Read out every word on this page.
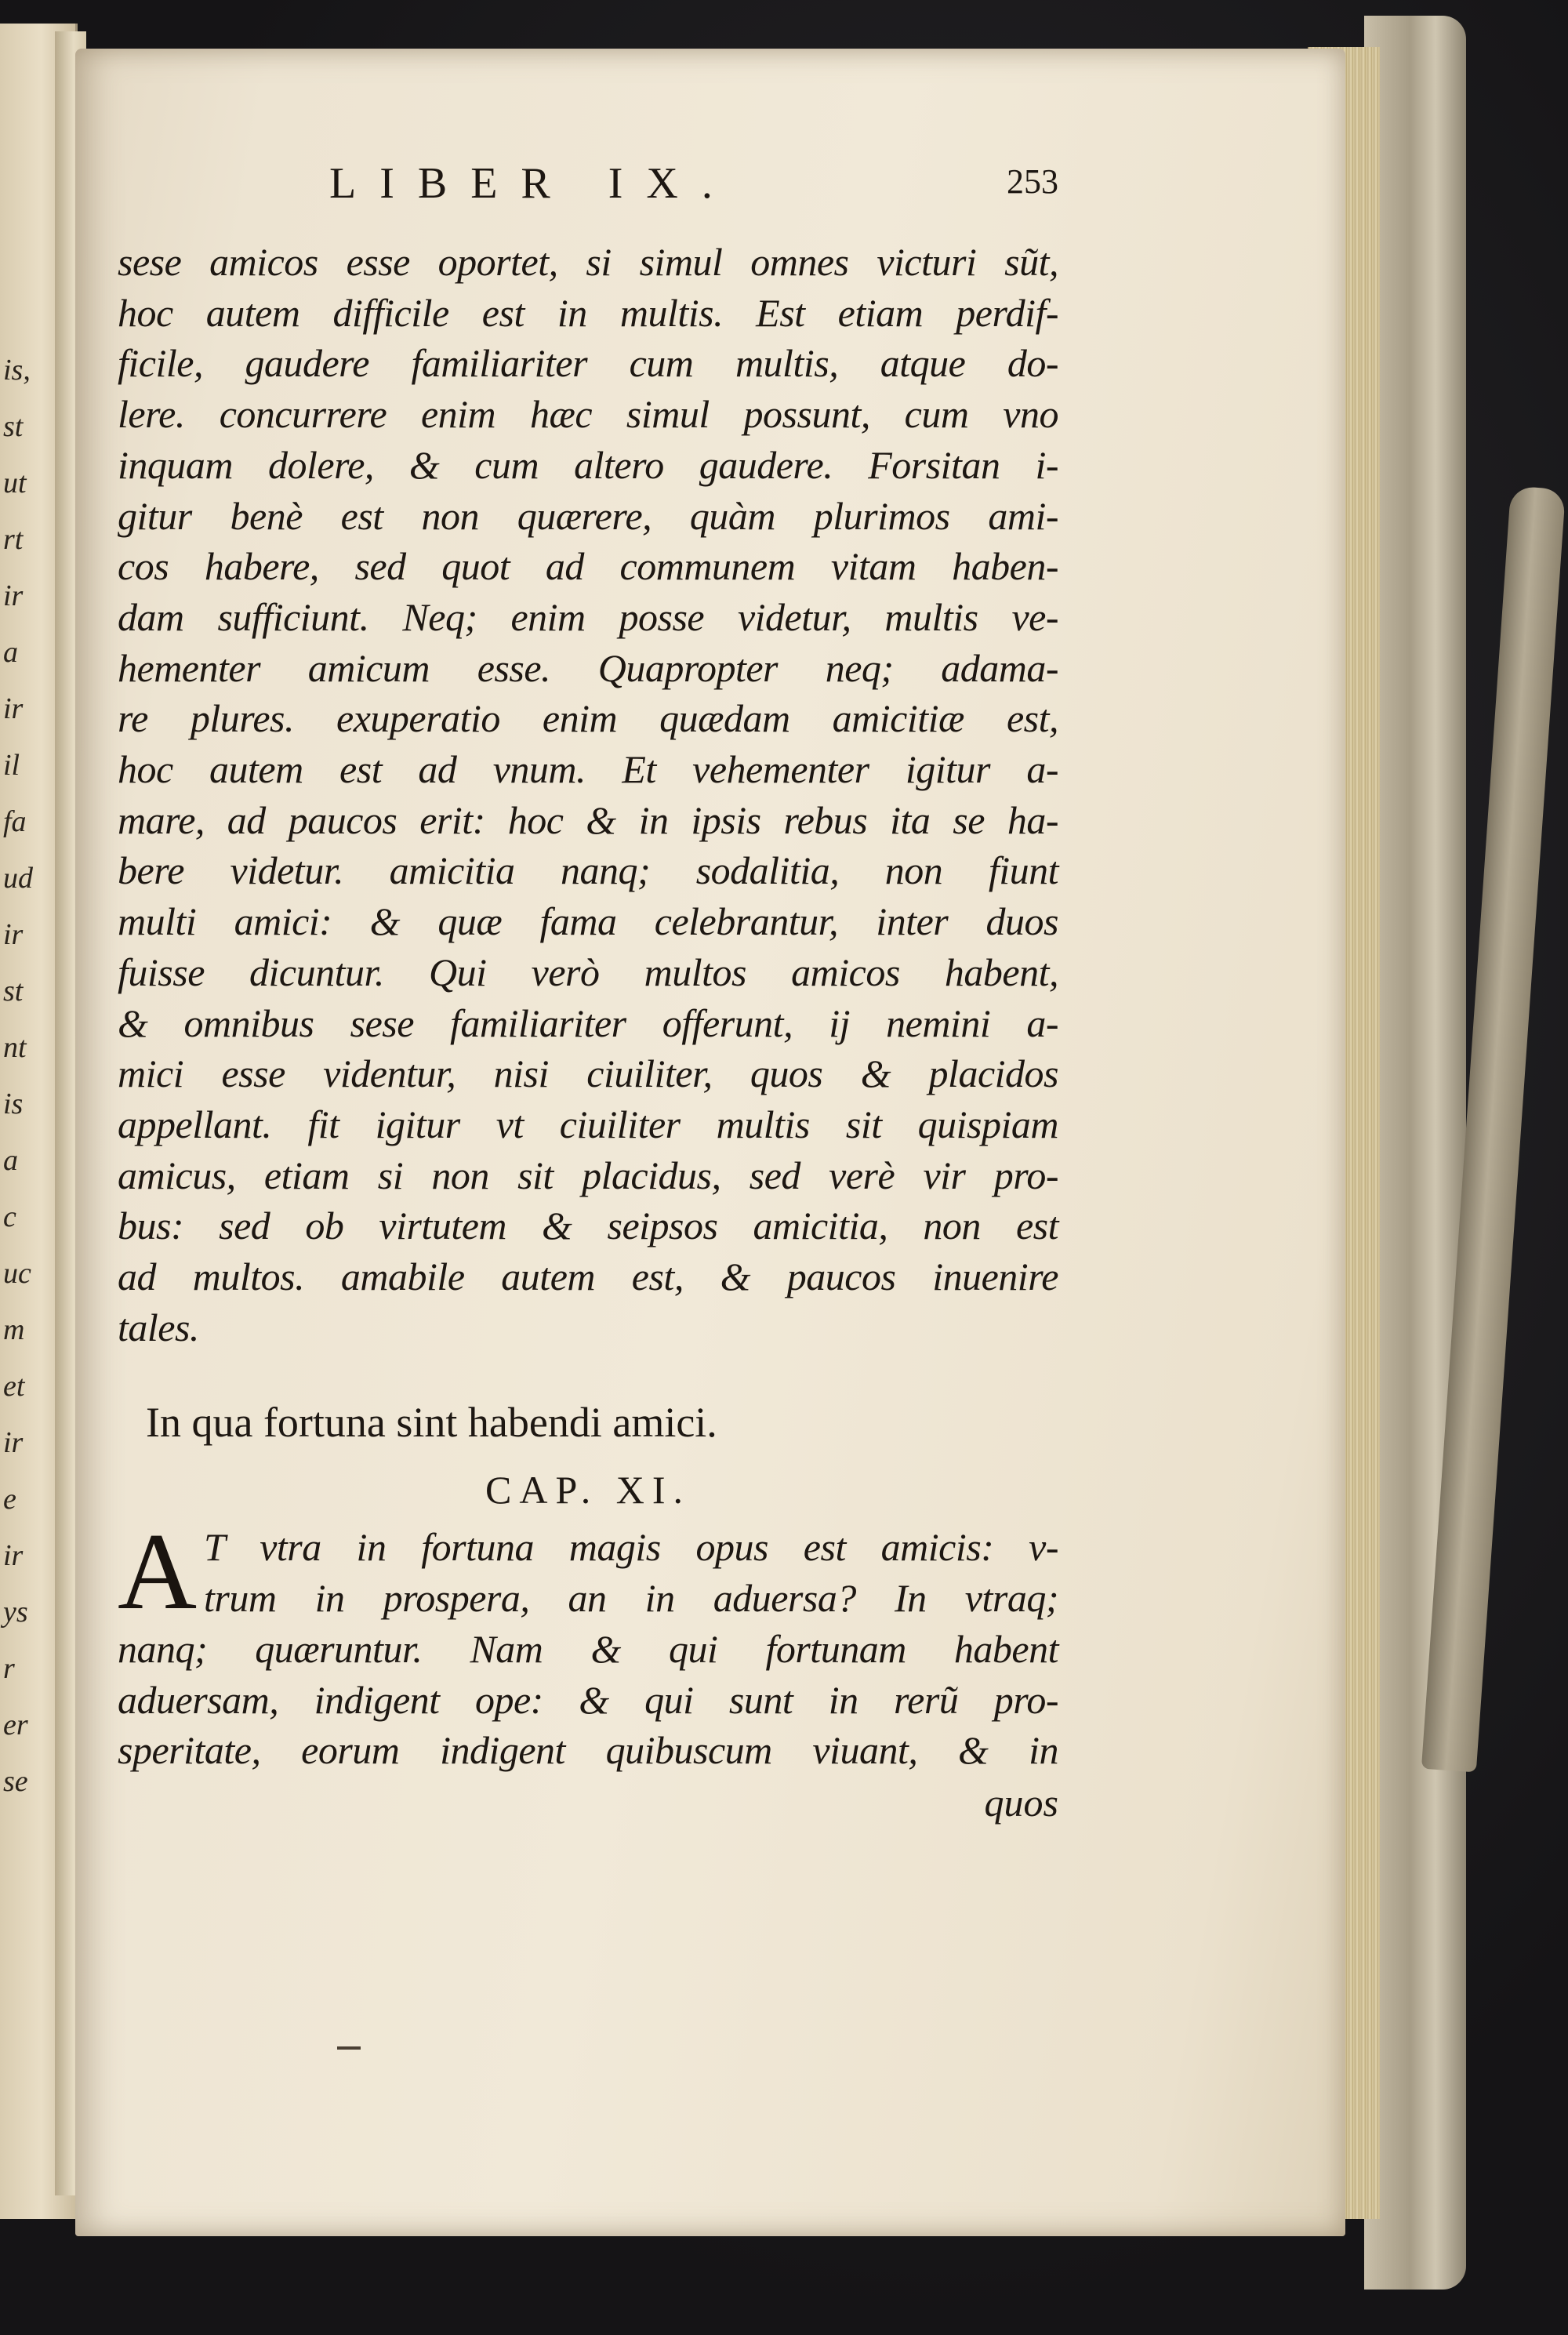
is,
st
ut
rt
ir
a
ir
il
fa
ud
ir
st
nt
is
a
c
uc
m
et
ir
e
ir
ys
r
er
se
LIBER IX.	253
sese amicos esse oportet, si simul omnes victuri sũt,
hoc autem difficile est in multis. Est etiam perdif-
ficile, gaudere familiariter cum multis, atque do-
lere. concurrere enim hæc simul possunt, cum vno
inquam dolere, & cum altero gaudere. Forsitan i-
gitur benè est non quærere, quàm plurimos ami-
cos habere, sed quot ad communem vitam haben-
dam sufficiunt. Neq; enim posse videtur, multis ve-
hementer amicum esse. Quapropter neq; adama-
re plures. exuperatio enim quædam amicitiæ est,
hoc autem est ad vnum. Et vehementer igitur a-
mare, ad paucos erit: hoc & in ipsis rebus ita se ha-
bere videtur. amicitia nanq; sodalitia, non fiunt
multi amici: & quæ fama celebrantur, inter duos
fuisse dicuntur. Qui verò multos amicos habent,
& omnibus sese familiariter offerunt, ij nemini a-
mici esse videntur, nisi ciuiliter, quos & placidos
appellant. fit igitur vt ciuiliter multis sit quispiam
amicus, etiam si non sit placidus, sed verè vir pro-
bus: sed ob virtutem & seipsos amicitia, non est
ad multos. amabile autem est, & paucos inuenire
tales.
In qua fortuna sint habendi amici.
CAP. XI.
A T vtra in fortuna magis opus est amicis: v-
trum in prospera, an in aduersa? In vtraq;
nanq; quæruntur. Nam & qui fortunam habent
aduersam, indigent ope: & qui sunt in rerũ pro-
speritate, eorum indigent quibuscum viuant, & in
quos
